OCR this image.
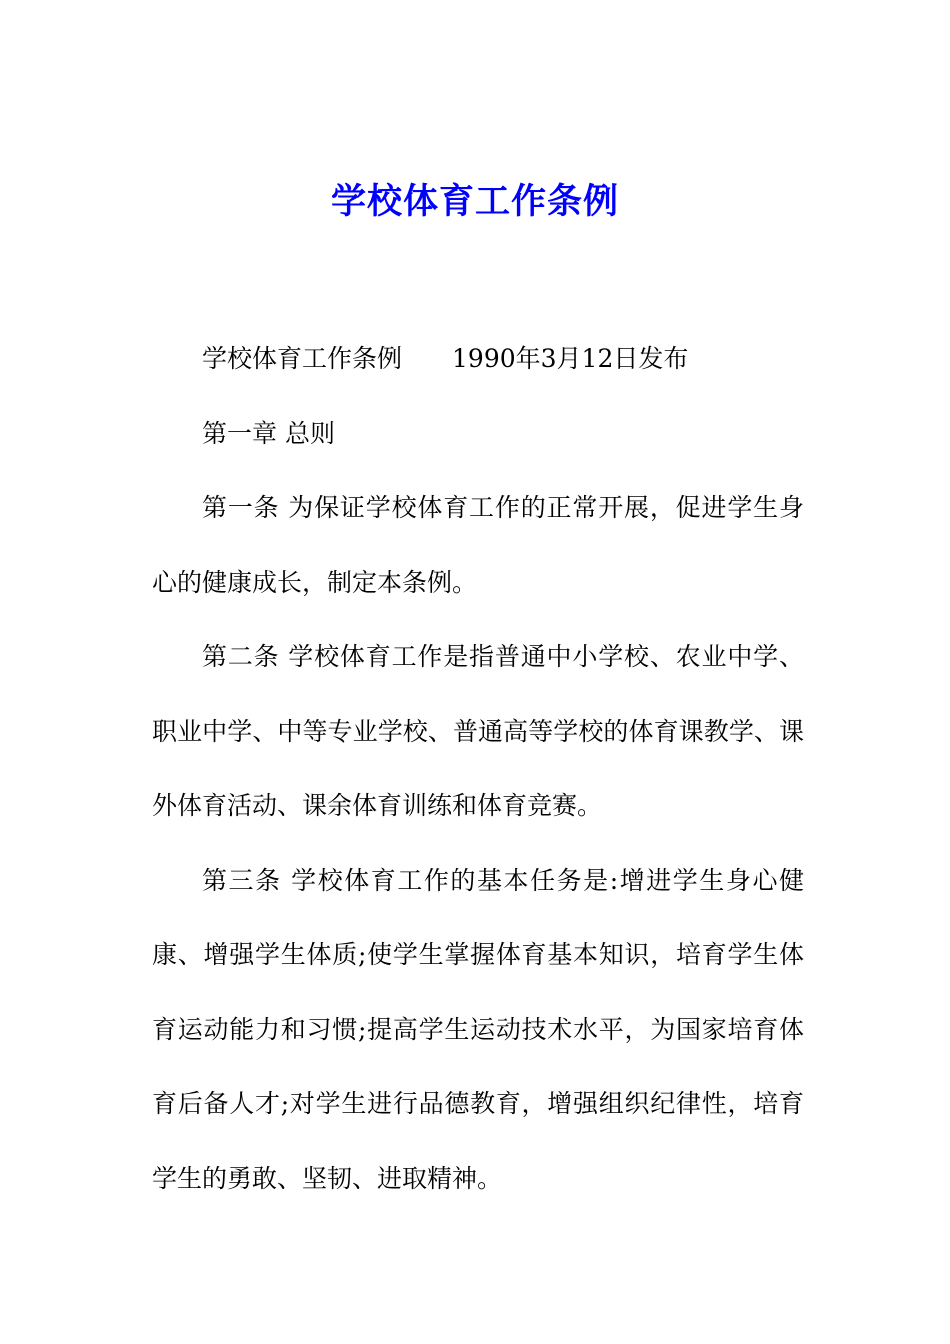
学校体育工作条例

学校体育工作条例 1990年3月12日发布

第一章 总则

第一条 为保证学校体育工作的正常开展，促进学生身心的健康成长，制定本条例。

第二条 学校体育工作是指普通中小学校、农业中学、职业中学、中等专业学校、普通高等学校的体育课教学、课外体育活动、课余体育训练和体育竞赛。

第三条 学校体育工作的基本任务是:增进学生身心健康、增强学生体质;使学生掌握体育基本知识，培育学生体育运动能力和习惯;提高学生运动技术水平，为国家培育体育后备人才;对学生进行品德教育，增强组织纪律性，培育学生的勇敢、坚韧、进取精神。
